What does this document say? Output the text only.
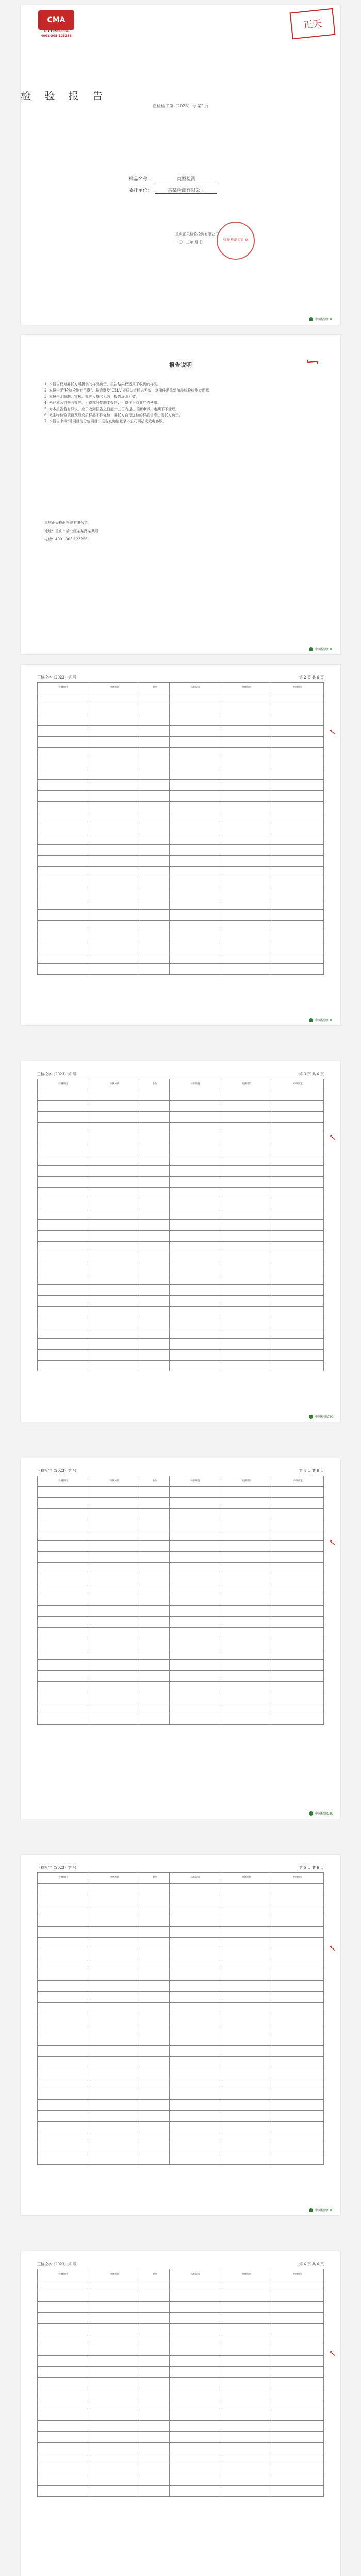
CMA
161312050356
4001-305-123256
正天
检 验 报 告
正检检字第（2023）号 第1页
样品名称：	类型检测
委托单位：	某某检测有限公司
检验检测专用章
重庆正天检验检测有限公司
二〇二三年 月 日
中国检测CTC
报告说明
1. 本报告仅对委托方所提供的样品负责，报告结果仅适用于收到的样品。
2. 本报告无"检验检测专用章"、骑缝章及"CMA"资质认定标志无效，复印件需重新加盖检验检测专用章。
3. 本报告无编制、审核、批准人签名无效；报告涂改无效。
4. 未经本公司书面批准，不得部分复制本报告；不得作为商业广告使用。
5. 对本报告若有异议，应于收到报告之日起十五日内提出书面申诉，逾期不予受理。
6. 微生物检验项目及易变质样品不作复检；委托方自行送检的样品信息由委托方负责。
7. 本报告中带*号项目为分包项目；报告查询请登录本公司网站或致电客服。
重庆正天检验检测有限公司
地址：重庆市渝北区某某路某某号
电话：4001-305-123256
∫
中国检测CTC
正检检字（2023）第 号	第 2 页 共 6 页
检测项目	检测方法	单位	标准限值	检测结果	单项判定

中国检测CTC
✓
正检检字（2023）第 号	第 3 页 共 6 页
检测项目	检测方法	单位	标准限值	检测结果	单项判定

中国检测CTC
✓
正检检字（2023）第 号	第 4 页 共 6 页
检测项目	检测方法	单位	标准限值	检测结果	单项判定

中国检测CTC
✓
正检检字（2023）第 号	第 5 页 共 6 页
检测项目	检测方法	单位	标准限值	检测结果	单项判定

中国检测CTC
✓
正检检字（2023）第 号	第 6 页 共 6 页
检测项目	检测方法	单位	标准限值	检测结果	单项判定

✓
